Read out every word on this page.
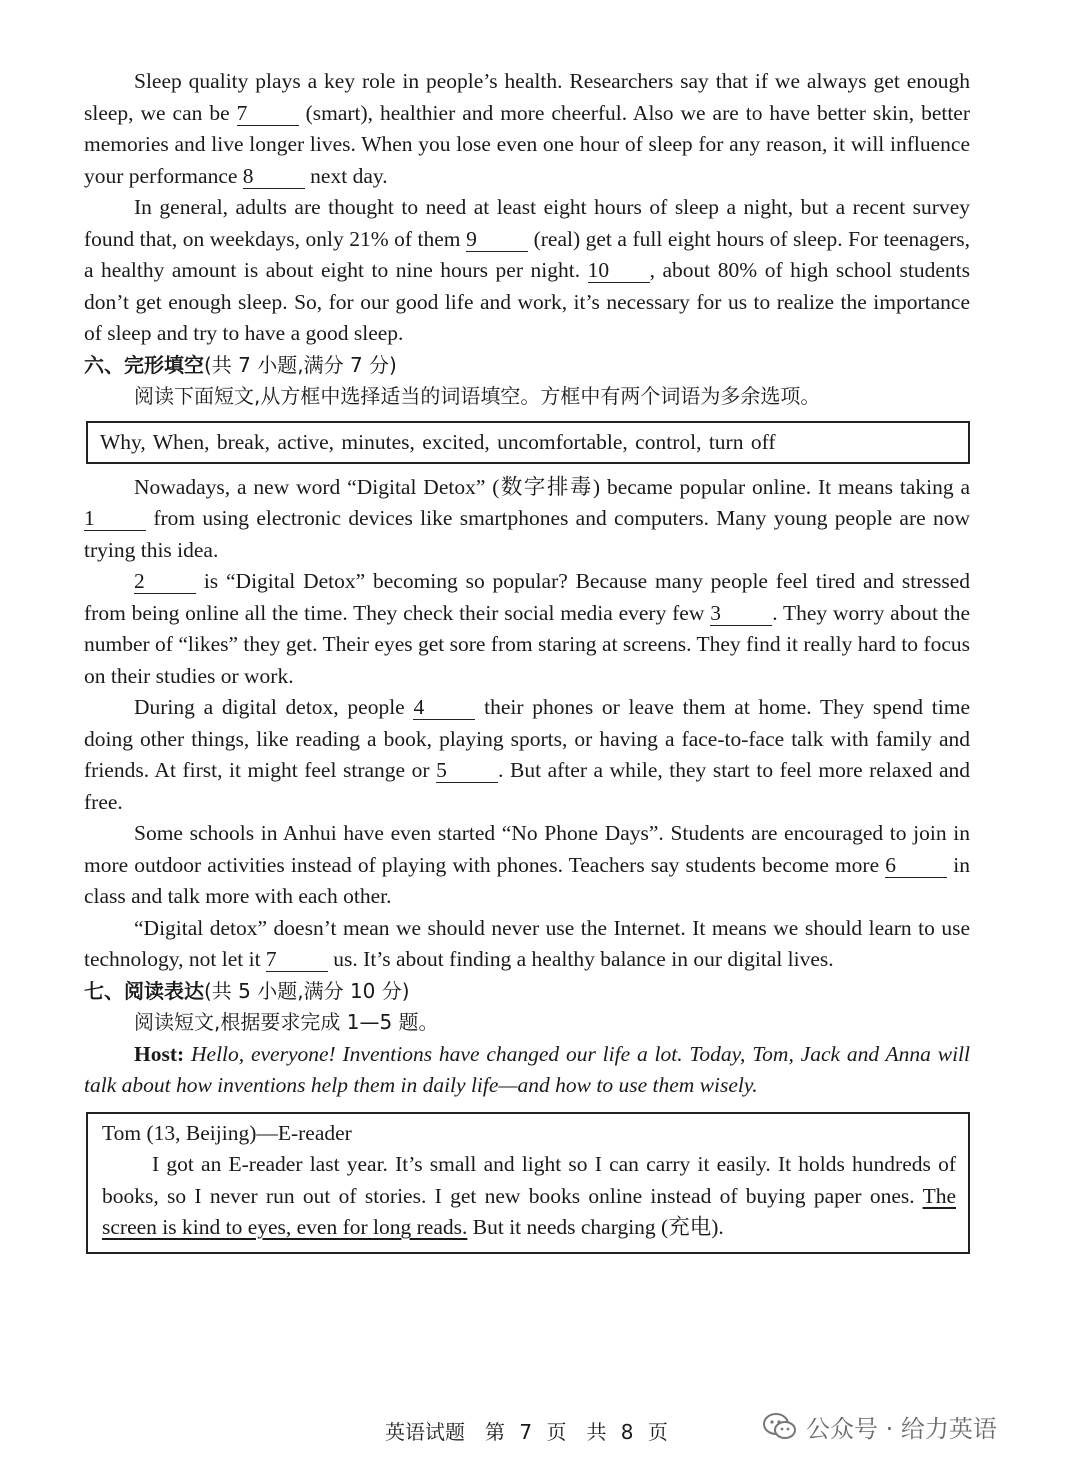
Sleep quality plays a key role in people’s health. Researchers say that if we always get enough sleep, we can be 7	(smart), healthier and more cheerful. Also we are to have better skin, better memories and live longer lives. When you lose even one hour of sleep for any reason, it will influence your performance 8	next day.

In general, adults are thought to need at least eight hours of sleep a night, but a recent survey found that, on weekdays, only 21% of them 9	(real) get a full eight hours of sleep. For teenagers, a healthy amount is about eight to nine hours per night. 10 , about 80% of high school students don’t get enough sleep. So, for our good life and work, it’s necessary for us to realize the importance of sleep and try to have a good sleep.

六、完形填空(共 7 小题,满分 7 分)

阅读下面短文,从方框中选择适当的词语填空。方框中有两个词语为多余选项。

Why, When, break, active, minutes, excited, uncomfortable, control, turn off

Nowadays, a new word “Digital Detox” (数字排毒) became popular online. It means taking a 1	from using electronic devices like smartphones and computers. Many young people are now trying this idea.

2	is “Digital Detox” becoming so popular? Because many people feel tired and stressed from being online all the time. They check their social media every few 3 . They worry about the number of “likes” they get. Their eyes get sore from staring at screens. They find it really hard to focus on their studies or work.

During a digital detox, people 4	their phones or leave them at home. They spend time doing other things, like reading a book, playing sports, or having a face-to-face talk with family and friends. At first, it might feel strange or 5 . But after a while, they start to feel more relaxed and free.

Some schools in Anhui have even started “No Phone Days”. Students are encouraged to join in more outdoor activities instead of playing with phones. Teachers say students become more 6	in class and talk more with each other.

“Digital detox” doesn’t mean we should never use the Internet. It means we should learn to use technology, not let it 7	us. It’s about finding a healthy balance in our digital lives.

七、阅读表达(共 5 小题,满分 10 分)

阅读短文,根据要求完成 1—5 题。

Host: Hello, everyone! Inventions have changed our life a lot. Today, Tom, Jack and Anna will talk about how inventions help them in daily life—and how to use them wisely.

Tom (13, Beijing)—E-reader

I got an E-reader last year. It’s small and light so I can carry it easily. It holds hundreds of books, so I never run out of stories. I get new books online instead of buying paper ones. The screen is kind to eyes, even for long reads. But it needs charging (充电).

英语试题　第 7 页　共 8 页	公众号 · 给力英语
